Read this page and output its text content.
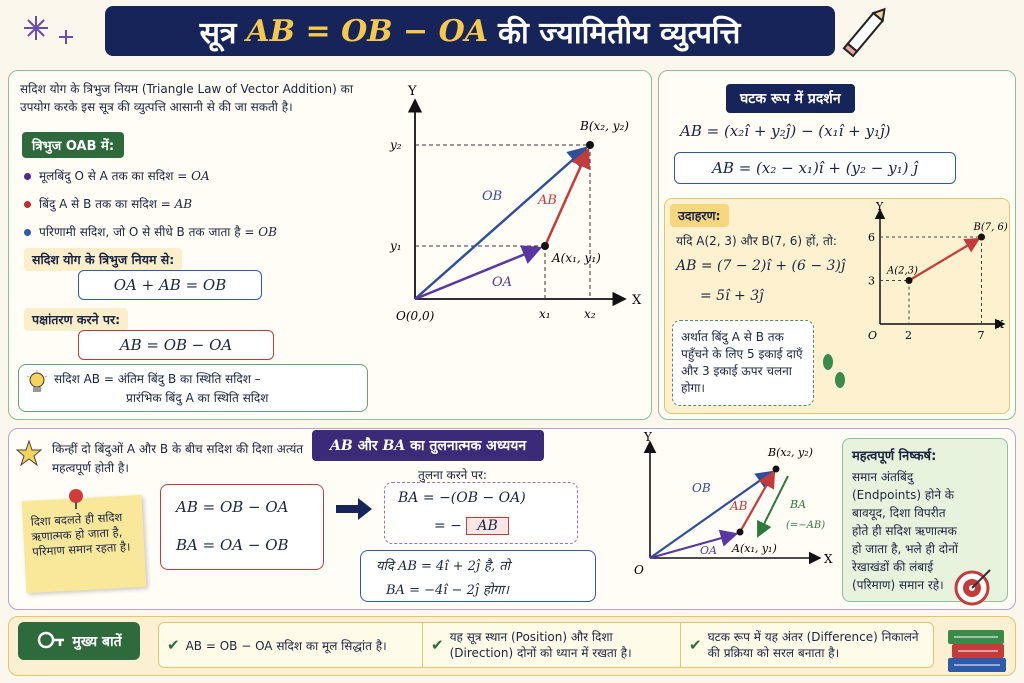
सूत्र AB = OB − OA की ज्यामितीय व्युत्पत्ति
सदिश योग के त्रिभुज नियम (Triangle Law of Vector Addition) का उपयोग करके इस सूत्र की व्युत्पत्ति आसानी से की जा सकती है।
त्रिभुज OAB में:
मूलबिंदु O से A तक का सदिश = OA
बिंदु A से B तक का सदिश = AB
परिणामी सदिश, जो O से सीधे B तक जाता है = OB
सदिश योग के त्रिभुज नियम से:
OA + AB = OB
पक्षांतरण करने पर:
AB = OB − OA
सदिश AB = अंतिम बिंदु B का स्थिति सदिश –
प्रारंभिक बिंदु A का स्थिति सदिश
X
Y
O(0,0)
A(x₁, y₁)
B(x₂, y₂)
x₁	x₂
y₂
y₁
OB	AB
OA
घटक रूप में प्रदर्शन
AB = (x₂î + y₂ĵ) − (x₁î + y₁ĵ)
AB = (x₂ − x₁)î + (y₂ − y₁) ĵ
उदाहरण:
यदि A(2, 3) और B(7, 6) हों, तो:
AB = (7 − 2)î + (6 − 3)ĵ
= 5î + 3ĵ
अर्थात बिंदु A से B तक पहुँचने के लिए 5 इकाई दाएँ और 3 इकाई ऊपर चलना होगा।
A(2,3)
B(7, 6)
2	7
3
6
X
Y
O
किन्हीं दो बिंदुओं A और B के बीच सदिश की दिशा अत्यंत महत्वपूर्ण होती है।
AB और BA का तुलनात्मक अध्ययन
दिशा बदलते ही सदिश ऋणात्मक हो जाता है, परिमाण समान रहता है।
AB = OB − OA
BA = OA − OB
तुलना करने पर:
BA = −(OB − OA)
= − AB
यदि AB = 4î + 2ĵ है, तो
BA = −4î − 2ĵ होगा।
X
Y
O
A(x₁, y₁)
B(x₂, y₂)
OB
AB
OA
BA
(=−AB)
महत्वपूर्ण निष्कर्ष:
समान अंतबिंदु (Endpoints) होने के बावयूद, दिशा विपरीत होते ही सदिश ऋणात्मक हो जाता है, भले ही दोनों रेखाखंडों की लंबाई (परिमाण) समान रहे।
मुख्य बातें	✔ AB = OB − OA सदिश का मूल सिद्धांत है।	✔ यह सूत्र स्थान (Position) और दिशा (Direction) दोनों को ध्यान में रखता है।	✔ घटक रूप में यह अंतर (Difference) निकालने की प्रक्रिया को सरल बनाता है।
